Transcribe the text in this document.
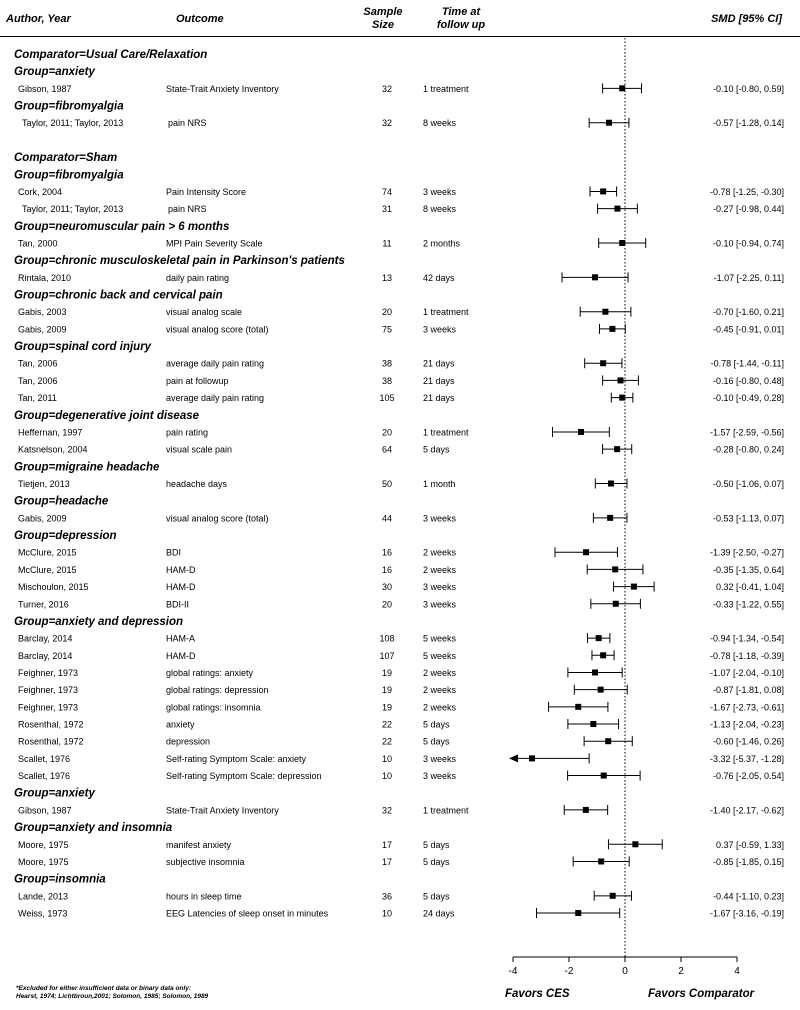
Author, Year	Outcome
Sample
Size
Time at
follow up	SMD [95% CI]
Comparator=Usual Care/Relaxation
Group=anxiety
Gibson, 1987	State-Trait Anxiety Inventory	32	1 treatment	-0.10 [-0.80, 0.59]
Group=fibromyalgia
Taylor, 2011; Taylor, 2013	pain NRS	32	8 weeks	-0.57 [-1.28, 0.14]
Comparator=Sham
Group=fibromyalgia
Cork, 2004	Pain Intensity Score	74	3 weeks	-0.78 [-1.25, -0.30]
Taylor, 2011; Taylor, 2013	pain NRS	31	8 weeks	-0.27 [-0.98, 0.44]
Group=neuromuscular pain > 6 months
Tan, 2000	MPI Pain Severity Scale	11	2 months	-0.10 [-0.94, 0.74]
Group=chronic musculoskeletal pain in Parkinson's patients
Rintala, 2010	daily pain rating	13	42 days	-1.07 [-2.25, 0.11]
Group=chronic back and cervical pain
Gabis, 2003	visual analog scale	20	1 treatment	-0.70 [-1.60, 0.21]
Gabis, 2009	visual analog score (total)	75	3 weeks	-0.45 [-0.91, 0.01]
Group=spinal cord injury
Tan, 2006	average daily pain rating	38	21 days	-0.78 [-1.44, -0.11]
Tan, 2006	pain at followup	38	21 days	-0.16 [-0.80, 0.48]
Tan, 2011	average daily pain rating	105	21 days	-0.10 [-0.49, 0.28]
Group=degenerative joint disease
Heffernan, 1997	pain rating	20	1 treatment	-1.57 [-2.59, -0.56]
Katsnelson, 2004	visual scale pain	64	5 days	-0.28 [-0.80, 0.24]
Group=migraine headache
Tietjen, 2013	headache days	50	1 month	-0.50 [-1.06, 0.07]
Group=headache
Gabis, 2009	visual analog score (total)	44	3 weeks	-0.53 [-1.13, 0.07]
Group=depression
McClure, 2015	BDI	16	2 weeks	-1.39 [-2.50, -0.27]
McClure, 2015	HAM-D	16	2 weeks	-0.35 [-1.35, 0.64]
Mischoulon, 2015	HAM-D	30	3 weeks	0.32 [-0.41, 1.04]
Turner, 2016	BDI-II	20	3 weeks	-0.33 [-1.22, 0.55]
Group=anxiety and depression
Barclay, 2014	HAM-A	108	5 weeks	-0.94 [-1.34, -0.54]
Barclay, 2014	HAM-D	107	5 weeks	-0.78 [-1.18, -0.39]
Feighner, 1973	global ratings: anxiety	19	2 weeks	-1.07 [-2.04, -0.10]
Feighner, 1973	global ratings: depression	19	2 weeks	-0.87 [-1.81, 0.08]
Feighner, 1973	global ratings: insomnia	19	2 weeks	-1.67 [-2.73, -0.61]
Rosenthal, 1972	anxiety	22	5 days	-1.13 [-2.04, -0.23]
Rosenthal, 1972	depression	22	5 days	-0.60 [-1.46, 0.26]
Scallet, 1976	Self-rating Symptom Scale: anxiety	10	3 weeks	-3.32 [-5.37, -1.28]
Scallet, 1976	Self-rating Symptom Scale: depression	10	3 weeks	-0.76 [-2.05, 0.54]
Group=anxiety
Gibson, 1987	State-Trait Anxiety Inventory	32	1 treatment	-1.40 [-2.17, -0.62]
Group=anxiety and insomnia
Moore, 1975	manifest anxiety	17	5 days	0.37 [-0.59, 1.33]
Moore, 1975	subjective insomnia	17	5 days	-0.85 [-1.85, 0.15]
Group=insomnia
Lande, 2013	hours in sleep time	36	5 days	-0.44 [-1.10, 0.23]
Weiss, 1973	EEG Latencies of sleep onset in minutes	10	24 days	-1.67 [-3.16, -0.19]
-4	-2	0	2	4
*Excluded for either insufficient data or binary data only:
Hearst, 1974; Lichtbroun,2001; Solomon, 1985; Solomon, 1989	Favors CES	Favors Comparator
